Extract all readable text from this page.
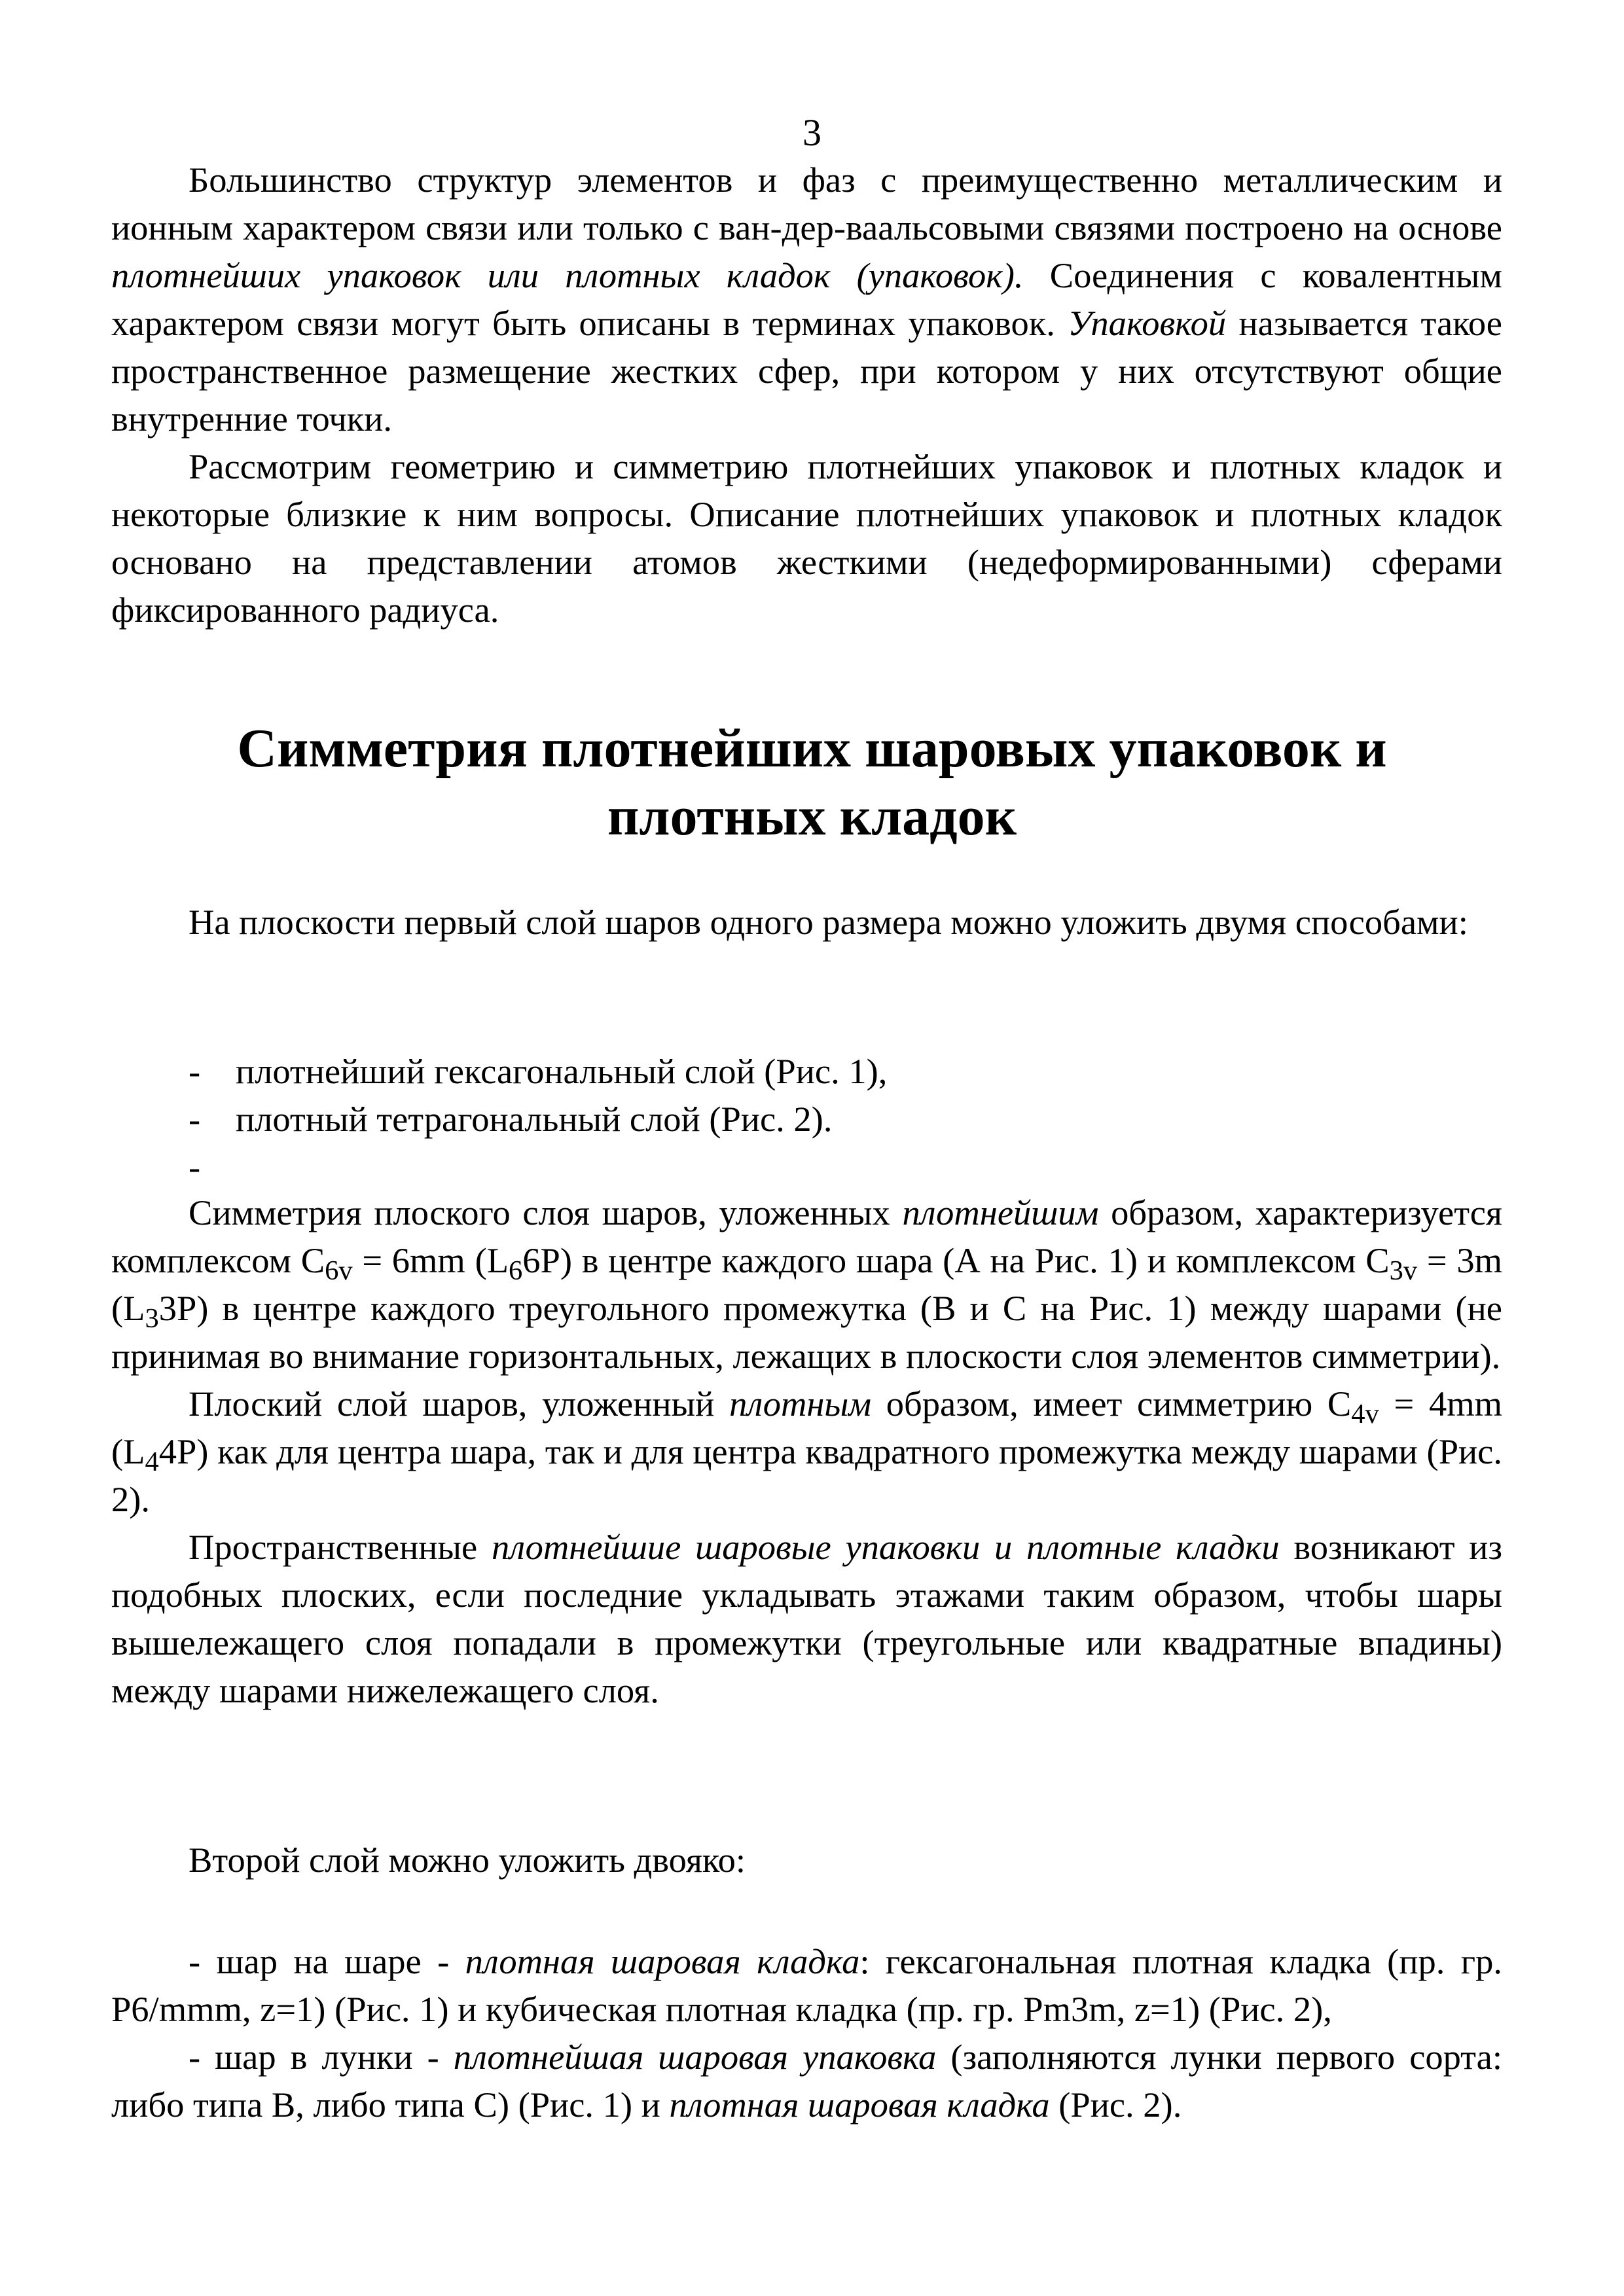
3

Большинство структур элементов и фаз с преимущественно металлическим и ионным характером связи или только с ван-дер-ваальсовыми связями построено на основе плотнейших упаковок или плотных кладок (упаковок). Соединения с ковалентным характером связи могут быть описаны в терминах упаковок. Упаковкой называется такое пространственное размещение жестких сфер, при котором у них отсутствуют общие внутренние точки.

Рассмотрим геометрию и симметрию плотнейших упаковок и плотных кладок и некоторые близкие к ним вопросы. Описание плотнейших упаковок и плотных кладок основано на представлении атомов жесткими (недеформированными) сферами фиксированного радиуса.

Симметрия плотнейших шаровых упаковок и
плотных кладок

На плоскости первый слой шаров одного размера можно уложить двумя способами:

- плотнейший гексагональный слой (Рис. 1),
- плотный тетрагональный слой (Рис. 2).
-

Симметрия плоского слоя шаров, уложенных плотнейшим образом, характеризуется комплексом $C_{6v} = 6mm$ $(L_66P)$ в центре каждого шара (А на Рис. 1) и комплексом $C_{3v} = 3m$ $(L_33P)$ в центре каждого треугольного промежутка (B и C на Рис. 1) между шарами (не принимая во внимание горизонтальных, лежащих в плоскости слоя элементов симметрии).

Плоский слой шаров, уложенный плотным образом, имеет симметрию $C_{4v} = 4mm$ $(L_44P)$ как для центра шара, так и для центра квадратного промежутка между шарами (Рис. 2).

Пространственные плотнейшие шаровые упаковки и плотные кладки возникают из подобных плоских, если последние укладывать этажами таким образом, чтобы шары вышележащего слоя попадали в промежутки (треугольные или квадратные впадины) между шарами нижележащего слоя.

Второй слой можно уложить двояко:

- шар на шаре - плотная шаровая кладка: гексагональная плотная кладка (пр. гр. P6/mmm, z=1) (Рис. 1) и кубическая плотная кладка (пр. гр. Pm3m, z=1) (Рис. 2),

- шар в лунки - плотнейшая шаровая упаковка (заполняются лунки первого сорта: либо типа B, либо типа C) (Рис. 1) и плотная шаровая кладка (Рис. 2).
